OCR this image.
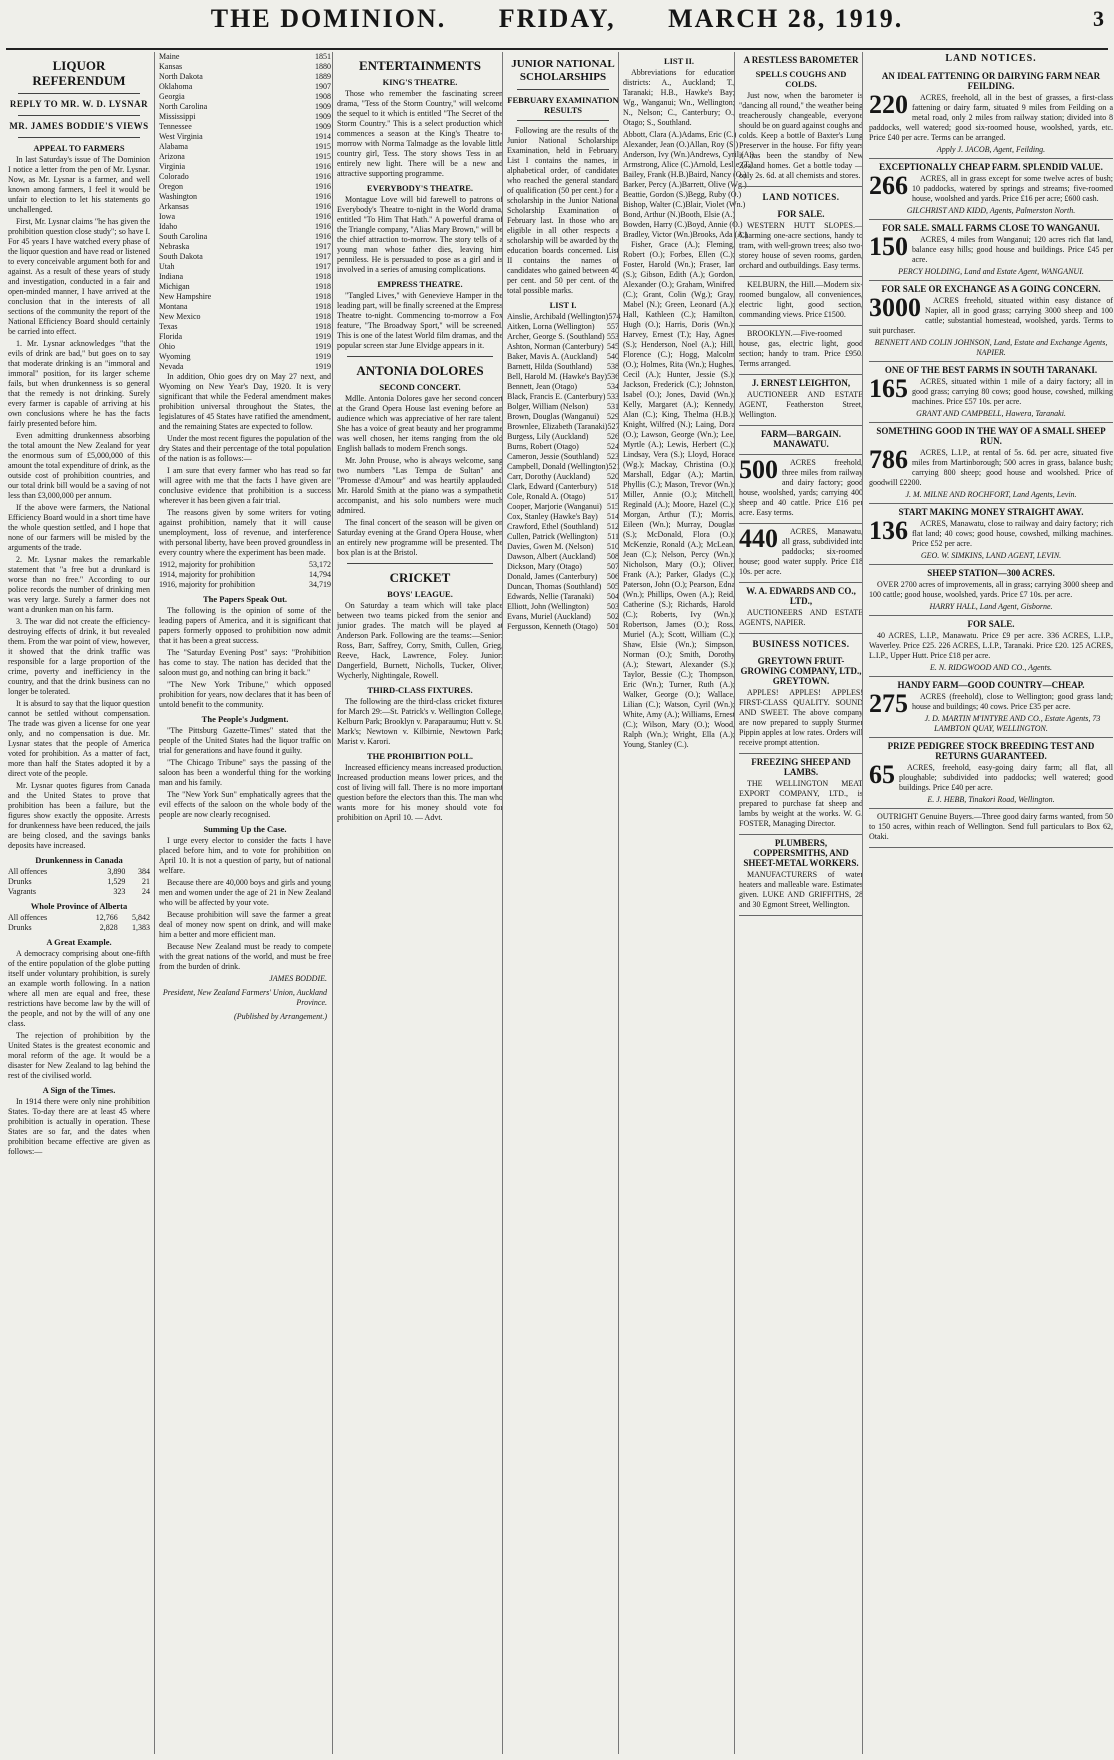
THE DOMINION. FRIDAY, MARCH 28, 1919.	3
LIQUOR REFERENDUM
REPLY TO MR. W. D. LYSNAR
MR. JAMES BODDIE'S VIEWS
APPEAL TO FARMERS

In last Saturday's issue of The Dominion I notice a letter from the pen of Mr. Lysnar. Now, as Mr. Lysnar is a farmer, and well known among farmers, I feel it would be unfair to election to let his statements go unchallenged.

First, Mr. Lysnar claims "he has given the prohibition question close study"; so have I. For 45 years I have watched every phase of the liquor question and have read or listened to every conceivable argument both for and against. As a result of these years of study and investigation, conducted in a fair and open-minded manner, I have arrived at the conclusion that in the interests of all sections of the community the report of the National Efficiency Board should certainly be carried into effect.

1. Mr. Lysnar acknowledges "that the evils of drink are bad," but goes on to say that moderate drinking is an "immoral and immoral" position, for its larger scheme fails, but when drunkenness is so general that the remedy is not drinking. Surely every farmer is capable of arriving at his own conclusions where he has the facts fairly presented before him.

Even admitting drunkenness absorbing the total amount the New Zealand for year the enormous sum of £5,000,000 of this amount the total expenditure of drink, as the outside cost of prohibition countries, and our total drink bill would be a saving of not less than £3,000,000 per annum.

If the above were farmers, the National Efficiency Board would in a short time have the whole question settled, and I hope that none of our farmers will be misled by the arguments of the trade.

2. Mr. Lysnar makes the remarkable statement that "a free but a drunkard is worse than no free." According to our police records the number of drinking men was very large. Surely a farmer does not want a drunken man on his farm.

3. The war did not create the efficiency-destroying effects of drink, it but revealed them. From the war point of view, however, it showed that the drink traffic was responsible for a large proportion of the crime, poverty and inefficiency in the country, and that the drink business can no longer be tolerated.

It is absurd to say that the liquor question cannot be settled without compensation. The trade was given a license for one year only, and no compensation is due. Mr. Lysnar states that the people of America voted for prohibition. As a matter of fact, more than half the States adopted it by a direct vote of the people.

Mr. Lysnar quotes figures from Canada and the United States to prove that prohibition has been a failure, but the figures show exactly the opposite. Arrests for drunkenness have been reduced, the jails are being closed, and the savings banks deposits have increased.

Drunkenness in Canada
All offences	3,890	384
Drunks	1,529	21
Vagrants	323	24
Whole Province of Alberta
All offences	12,766	5,842
Drunks	2,828	1,383
A Great Example.

A democracy comprising about one-fifth of the entire population of the globe putting itself under voluntary prohibition, is surely an example worth following. In a nation where all men are equal and free, these restrictions have become law by the will of the people, and not by the will of any one class.

The rejection of prohibition by the United States is the greatest economic and moral reform of the age. It would be a disaster for New Zealand to lag behind the rest of the civilised world.

A Sign of the Times.

In 1914 there were only nine prohibition States. To-day there are at least 45 where prohibition is actually in operation. These States are so far, and the dates when prohibition became effective are given as follows:—

Maine	1851
Kansas	1880
North Dakota	1889
Oklahoma	1907
Georgia	1908
North Carolina	1909
Mississippi	1909
Tennessee	1909
West Virginia	1914
Alabama	1915
Arizona	1915
Virginia	1916
Colorado	1916
Oregon	1916
Washington	1916
Arkansas	1916
Iowa	1916
Idaho	1916
South Carolina	1916
Nebraska	1917
South Dakota	1917
Utah	1917
Indiana	1918
Michigan	1918
New Hampshire	1918
Montana	1918
New Mexico	1918
Texas	1918
Florida	1919
Ohio	1919
Wyoming	1919
Nevada	1919

In addition, Ohio goes dry on May 27 next, and Wyoming on New Year's Day, 1920. It is very significant that while the Federal amendment makes prohibition universal throughout the States, the legislatures of 45 States have ratified the amendment, and the remaining States are expected to follow.

Under the most recent figures the population of the dry States and their percentage of the total population of the nation is as follows:—

I am sure that every farmer who has read so far will agree with me that the facts I have given are conclusive evidence that prohibition is a success wherever it has been given a fair trial.

The reasons given by some writers for voting against prohibition, namely that it will cause unemployment, loss of revenue, and interference with personal liberty, have been proved groundless in every country where the experiment has been made.

1912, majority for prohibition	53,172
1914, majority for prohibition	14,794
1916, majority for prohibition	34,719
The Papers Speak Out.

The following is the opinion of some of the leading papers of America, and it is significant that papers formerly opposed to prohibition now admit that it has been a great success.

The "Saturday Evening Post" says: "Prohibition has come to stay. The nation has decided that the saloon must go, and nothing can bring it back."

"The New York Tribune," which opposed prohibition for years, now declares that it has been of untold benefit to the community.

The People's Judgment.

"The Pittsburg Gazette-Times" stated that the people of the United States had the liquor traffic on trial for generations and have found it guilty.

"The Chicago Tribune" says the passing of the saloon has been a wonderful thing for the working man and his family.

The "New York Sun" emphatically agrees that the evil effects of the saloon on the whole body of the people are now clearly recognised.

Summing Up the Case.

I urge every elector to consider the facts I have placed before him, and to vote for prohibition on April 10. It is not a question of party, but of national welfare.

Because there are 40,000 boys and girls and young men and women under the age of 21 in New Zealand who will be affected by your vote.

Because prohibition will save the farmer a great deal of money now spent on drink, and will make him a better and more efficient man.

Because New Zealand must be ready to compete with the great nations of the world, and must be free from the burden of drink.

JAMES BODDIE.
President, New Zealand Farmers' Union, Auckland Province.
(Published by Arrangement.)
ENTERTAINMENTS
KING'S THEATRE.

Those who remember the fascinating screen drama, "Tess of the Storm Country," will welcome the sequel to it which is entitled "The Secret of the Storm Country." This is a select production which commences a season at the King's Theatre to-morrow with Norma Talmadge as the lovable little country girl, Tess. The story shows Tess in an entirely new light. There will be a new and attractive supporting programme.

EVERYBODY'S THEATRE.

Montague Love will bid farewell to patrons of Everybody's Theatre to-night in the World drama, entitled "To Him That Hath." A powerful drama of the Triangle company, "Alias Mary Brown," will be the chief attraction to-morrow. The story tells of a young man whose father dies, leaving him penniless. He is persuaded to pose as a girl and is involved in a series of amusing complications.

EMPRESS THEATRE.

"Tangled Lives," with Genevieve Hamper in the leading part, will be finally screened at the Empress Theatre to-night. Commencing to-morrow a Fox feature, "The Broadway Sport," will be screened. This is one of the latest World film dramas, and the popular screen star June Elvidge appears in it.

ANTONIA DOLORES
SECOND CONCERT.

Mdlle. Antonia Dolores gave her second concert at the Grand Opera House last evening before an audience which was appreciative of her rare talent. She has a voice of great beauty and her programme was well chosen, her items ranging from the old English ballads to modern French songs.

Mr. John Prouse, who is always welcome, sang two numbers "Las Tempa de Sultan" and "Promesse d'Amour" and was heartily applauded. Mr. Harold Smith at the piano was a sympathetic accompanist, and his solo numbers were much admired.

The final concert of the season will be given on Saturday evening at the Grand Opera House, when an entirely new programme will be presented. The box plan is at the Bristol.

CRICKET
BOYS' LEAGUE.

On Saturday a team which will take place between two teams picked from the senior and junior grades. The match will be played at Anderson Park. Following are the teams:—Senior: Ross, Barr, Saffrey, Corry, Smith, Cullen, Grieg, Reeve, Hack, Lawrence, Foley. Junior: Dangerfield, Burnett, Nicholls, Tucker, Oliver, Wycherly, Nightingale, Rowell.

THIRD-CLASS FIXTURES.

The following are the third-class cricket fixtures for March 29:—St. Patrick's v. Wellington College, Kelburn Park; Brooklyn v. Paraparaumu; Hutt v. St. Mark's; Newtown v. Kilbirnie, Newtown Park; Marist v. Karori.

THE PROHIBITION POLL.

Increased efficiency means increased production. Increased production means lower prices, and the cost of living will fall. There is no more important question before the electors than this. The man who wants more for his money should vote for prohibition on April 10. — Advt.

JUNIOR NATIONAL SCHOLARSHIPS
FEBRUARY EXAMINATION RESULTS

Following are the results of the Junior National Scholarships Examination, held in February. List I contains the names, in alphabetical order, of candidates who reached the general standard of qualification (50 per cent.) for a scholarship in the Junior National Scholarship Examination of February last. In those who are eligible in all other respects a scholarship will be awarded by the education boards concerned. List II contains the names of candidates who gained between 40 per cent. and 50 per cent. of the total possible marks.

LIST I.
Ainslie, Archibald (Wellington) 574
Aitken, Lorna (Wellington) 557
Archer, George S. (Southland) 553
Ashton, Norman (Canterbury) 545
Baker, Mavis A. (Auckland) 540
Barnett, Hilda (Southland) 538
Bell, Harold M. (Hawke's Bay) 536
Bennett, Jean (Otago)	534
Black, Francis E. (Canterbury) 533
Bolger, William (Nelson) 531
Brown, Douglas (Wanganui) 529
Brownlee, Elizabeth (Taranaki) 527
Burgess, Lily (Auckland) 526
Burns, Robert (Otago)	524
Cameron, Jessie (Southland) 523
Campbell, Donald (Wellington) 521
Carr, Dorothy (Auckland) 520
Clark, Edward (Canterbury) 518
Cole, Ronald A. (Otago)	517
Cooper, Marjorie (Wanganui) 515
Cox, Stanley (Hawke's Bay) 514
Crawford, Ethel (Southland) 512
Cullen, Patrick (Wellington) 511
Davies, Gwen M. (Nelson) 510
Dawson, Albert (Auckland) 508
Dickson, Mary (Otago)	507
Donald, James (Canterbury) 506
Duncan, Thomas (Southland) 505
Edwards, Nellie (Taranaki) 504
Elliott, John (Wellington) 503
Evans, Muriel (Auckland) 502
Fergusson, Kenneth (Otago) 501
LIST II.

Abbreviations for education districts: A., Auckland; T., Taranaki; H.B., Hawke's Bay; Wg., Wanganui; Wn., Wellington; N., Nelson; C., Canterbury; O., Otago; S., Southland.

Abbott, Clara (A.) Adams, Eric (C.)
Alexander, Jean (O.) Allan, Roy (S.)
Anderson, Ivy (Wn.) Andrews, Cyril (A.)
Armstrong, Alice (C.) Arnold, Leslie (T.)
Bailey, Frank (H.B.) Baird, Nancy (O.)
Barker, Percy (A.) Barrett, Olive (Wg.)
Beattie, Gordon (S.) Begg, Ruby (O.)
Bishop, Walter (C.) Blair, Violet (Wn.)
Bond, Arthur (N.) Booth, Elsie (A.)
Bowden, Harry (C.) Boyd, Annie (O.)
Bradley, Victor (Wn.) Brooks, Ada (A.)

Fisher, Grace (A.); Fleming, Robert (O.); Forbes, Ellen (C.); Foster, Harold (Wn.); Fraser, Ian (S.); Gibson, Edith (A.); Gordon, Alexander (O.); Graham, Winifred (C.); Grant, Colin (Wg.); Gray, Mabel (N.); Green, Leonard (A.); Hall, Kathleen (C.); Hamilton, Hugh (O.); Harris, Doris (Wn.); Harvey, Ernest (T.); Hay, Agnes (S.); Henderson, Noel (A.); Hill, Florence (C.); Hogg, Malcolm (O.); Holmes, Rita (Wn.); Hughes, Cecil (A.); Hunter, Jessie (S.); Jackson, Frederick (C.); Johnston, Isabel (O.); Jones, David (Wn.); Kelly, Margaret (A.); Kennedy, Alan (C.); King, Thelma (H.B.); Knight, Wilfred (N.); Laing, Dora (O.); Lawson, George (Wn.); Lee, Myrtle (A.); Lewis, Herbert (C.); Lindsay, Vera (S.); Lloyd, Horace (Wg.); Mackay, Christina (O.); Marshall, Edgar (A.); Martin, Phyllis (C.); Mason, Trevor (Wn.); Miller, Annie (O.); Mitchell, Reginald (A.); Moore, Hazel (C.); Morgan, Arthur (T.); Morris, Eileen (Wn.); Murray, Douglas (S.); McDonald, Flora (O.); McKenzie, Ronald (A.); McLean, Jean (C.); Nelson, Percy (Wn.); Nicholson, Mary (O.); Oliver, Frank (A.); Parker, Gladys (C.); Paterson, John (O.); Pearson, Edna (Wn.); Phillips, Owen (A.); Reid, Catherine (S.); Richards, Harold (C.); Roberts, Ivy (Wn.); Robertson, James (O.); Ross, Muriel (A.); Scott, William (C.); Shaw, Elsie (Wn.); Simpson, Norman (O.); Smith, Dorothy (A.); Stewart, Alexander (S.); Taylor, Bessie (C.); Thompson, Eric (Wn.); Turner, Ruth (A.); Walker, George (O.); Wallace, Lilian (C.); Watson, Cyril (Wn.); White, Amy (A.); Williams, Ernest (C.); Wilson, Mary (O.); Wood, Ralph (Wn.); Wright, Ella (A.); Young, Stanley (C.).

A RESTLESS BAROMETER
SPELLS COUGHS AND COLDS.

Just now, when the barometer is "dancing all round," the weather being treacherously changeable, everyone should be on guard against coughs and colds. Keep a bottle of Baxter's Lung Preserver in the house. For fifty years it has been the standby of New Zealand homes. Get a bottle today — only 2s. 6d. at all chemists and stores.

LAND NOTICES.
FOR SALE.

WESTERN HUTT SLOPES.—Charming one-acre sections, handy to tram, with well-grown trees; also two-storey house of seven rooms, garden, orchard and outbuildings. Easy terms.

KELBURN, the Hill.—Modern six-roomed bungalow, all conveniences, electric light, good section, commanding views. Price £1500.

BROOKLYN.—Five-roomed house, gas, electric light, good section; handy to tram. Price £950. Terms arranged.

J. ERNEST LEIGHTON,

AUCTIONEER AND ESTATE AGENT, Featherston Street, Wellington.

FARM—BARGAIN. MANAWATU.
500	ACRES freehold, three miles from railway and dairy factory; good house, woolshed, yards; carrying 400 sheep and 40 cattle. Price £16 per acre. Easy terms.

440	ACRES, Manawatu, all grass, subdivided into paddocks; six-roomed house; good water supply. Price £18 10s. per acre.

W. A. EDWARDS AND CO., LTD.,

AUCTIONEERS AND ESTATE AGENTS, NAPIER.

BUSINESS NOTICES.
GREYTOWN FRUIT-GROWING COMPANY, LTD., GREYTOWN.

APPLES! APPLES! APPLES! FIRST-CLASS QUALITY. SOUND AND SWEET. The above company are now prepared to supply Sturmer Pippin apples at low rates. Orders will receive prompt attention.

FREEZING SHEEP AND LAMBS.

THE WELLINGTON MEAT EXPORT COMPANY, LTD., is prepared to purchase fat sheep and lambs by weight at the works. W. G. FOSTER, Managing Director.

PLUMBERS, COPPERSMITHS, AND SHEET-METAL WORKERS.

MANUFACTURERS of water heaters and malleable ware. Estimates given. LUKE AND GRIFFITHS, 28 and 30 Egmont Street, Wellington.

LAND NOTICES.
AN IDEAL FATTENING OR DAIRYING FARM NEAR FEILDING.
220	ACRES, freehold, all in the best of grasses, a first-class fattening or dairy farm, situated 9 miles from Feilding on a metal road, only 2 miles from railway station; divided into 8 paddocks, well watered; good six-roomed house, woolshed, yards, etc. Price £40 per acre. Terms can be arranged.

Apply J. JACOB, Agent, Feilding.
EXCEPTIONALLY CHEAP FARM. SPLENDID VALUE.
266	ACRES, all in grass except for some twelve acres of bush; 10 paddocks, watered by springs and streams; five-roomed house, woolshed and yards. Price £16 per acre; £600 cash.

GILCHRIST AND KIDD, Agents, Palmerston North.
FOR SALE. SMALL FARMS CLOSE TO WANGANUI.
150	ACRES, 4 miles from Wanganui; 120 acres rich flat land, balance easy hills; good house and buildings. Price £45 per acre.

PERCY HOLDING, Land and Estate Agent, WANGANUI.
FOR SALE OR EXCHANGE AS A GOING CONCERN.
3000	ACRES freehold, situated within easy distance of Napier, all in good grass; carrying 3000 sheep and 100 cattle; substantial homestead, woolshed, yards. Terms to suit purchaser.

BENNETT AND COLIN JOHNSON, Land, Estate and Exchange Agents, NAPIER.
ONE OF THE BEST FARMS IN SOUTH TARANAKI.
165	ACRES, situated within 1 mile of a dairy factory; all in good grass; carrying 80 cows; good house, cowshed, milking machines. Price £57 10s. per acre.

GRANT AND CAMPBELL, Hawera, Taranaki.
SOMETHING GOOD IN THE WAY OF A SMALL SHEEP RUN.
786	ACRES, L.I.P., at rental of 5s. 6d. per acre, situated five miles from Martinborough; 500 acres in grass, balance bush; carrying 800 sheep; good house and woolshed. Price of goodwill £2200.

J. M. MILNE AND ROCHFORT, Land Agents, Levin.
START MAKING MONEY STRAIGHT AWAY.
136	ACRES, Manawatu, close to railway and dairy factory; rich flat land; 40 cows; good house, cowshed, milking machines. Price £52 per acre.

GEO. W. SIMKINS, LAND AGENT, LEVIN.
SHEEP STATION—300 ACRES.

OVER 2700 acres of improvements, all in grass; carrying 3000 sheep and 100 cattle; good house, woolshed, yards. Price £7 10s. per acre.

HARRY HALL, Land Agent, Gisborne.
FOR SALE.

40 ACRES, L.I.P., Manawatu. Price £9 per acre. 336 ACRES, L.I.P., Waverley. Price £25. 226 ACRES, L.I.P., Taranaki. Price £20. 125 ACRES, L.I.P., Upper Hutt. Price £18 per acre.

E. N. RIDGWOOD AND CO., Agents.
HANDY FARM—GOOD COUNTRY—CHEAP.
275	ACRES (freehold), close to Wellington; good grass land; house and buildings; 40 cows. Price £35 per acre.

J. D. MARTIN M'INTYRE AND CO., Estate Agents, 73 LAMBTON QUAY, WELLINGTON.
PRIZE PEDIGREE STOCK BREEDING TEST AND RETURNS GUARANTEED.
65	ACRES, freehold, easy-going dairy farm; all flat, all ploughable; subdivided into paddocks; well watered; good buildings. Price £40 per acre.

E. J. HEBB, Tinakori Road, Wellington.

OUTRIGHT Genuine Buyers.—Three good dairy farms wanted, from 50 to 150 acres, within reach of Wellington. Send full particulars to Box 62, Otaki.
